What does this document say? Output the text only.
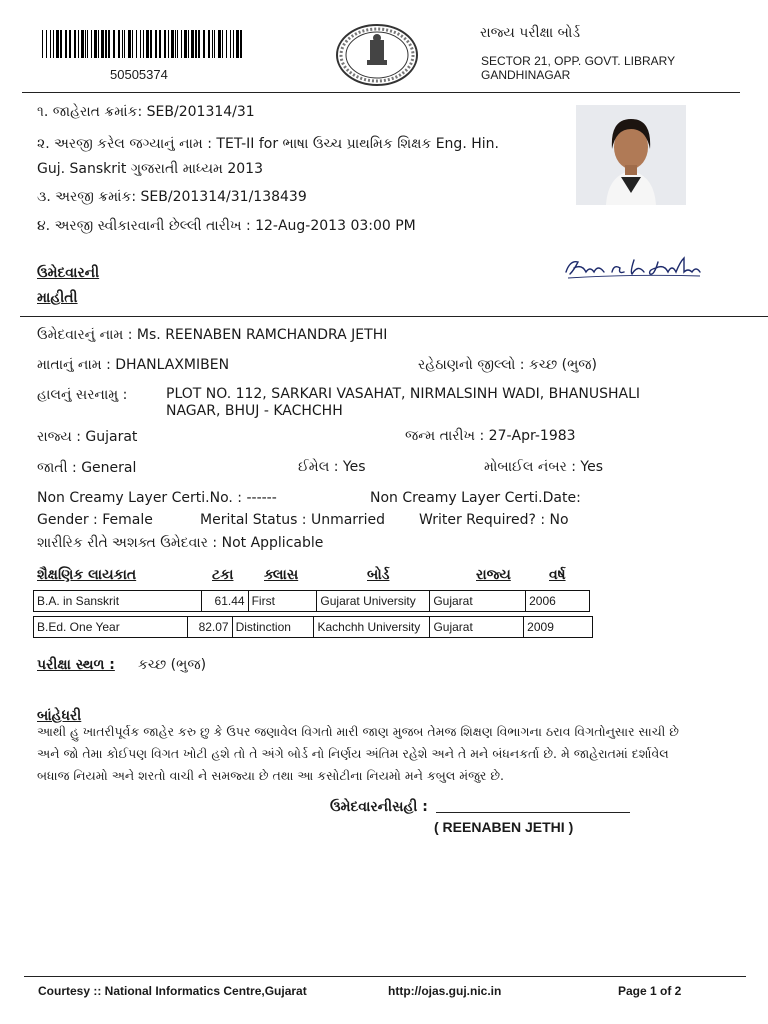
50505374
રાજ્ય પરીક્ષા બોર્ડ
SECTOR 21, OPP. GOVT. LIBRARY
GANDHINAGAR
૧. જાહેરાત ક્રમાંક: SEB/201314/31
૨. અરજી કરેલ જગ્યાનું નામ : TET-II for ભાષા ઉચ્ચ પ્રાથમિક શિક્ષક Eng. Hin.
Guj. Sanskrit ગુજરાતી માધ્યમ 2013
૩. અરજી ક્રમાંક: SEB/201314/31/138439
૪. અરજી સ્વીકારવાની છેલ્લી તારીખ : 12-Aug-2013 03:00 PM
ઉમેદવારની
માહીતી
ઉમેદવારનું નામ : Ms. REENABEN RAMCHANDRA JETHI
માતાનું નામ : DHANLAXMIBEN	રહેઠાણનો જીલ્લો : કચ્છ (ભુજ)
હાલનું સરનામુ :	PLOT NO. 112, SARKARI VASAHAT, NIRMALSINH WADI, BHANUSHALI
NAGAR, BHUJ - KACHCHH
રાજ્ય : Gujarat	જન્મ તારીખ : 27-Apr-1983
જાતી : General	ઈમેલ : Yes	મોબાઈલ નંબર : Yes
Non Creamy Layer Certi.No. : ------	Non Creamy Layer Certi.Date:
Gender : Female	Merital Status : Unmarried Writer Required? : No
શારીરિક રીતે અશક્ત ઉમેદવાર : Not Applicable
શૈક્ષણિક લાયકાત	ટકા ક્લાસ	બોર્ડ	રાજ્ય	વર્ષ
B.A. in Sanskrit	61.44	First	Gujarat University	Gujarat	2006
B.Ed. One Year	82.07	Distinction	Kachchh University	Gujarat	2009
પરીક્ષા સ્થળ : કચ્છ (ભુજ)
બાંહેધરી
આથી હુ ખાતરીપૂર્વક જાહેર કરુ છુ કે ઉપર જણાવેલ વિગતો મારી જાણ મુજબ તેમજ શિક્ષણ વિભાગના ઠરાવ વિગતોનુસાર સાચી છે
અને જો તેમા કોઈપણ વિગત ખોટી હશે તો તે અંગે બોર્ડ નો નિર્ણય અંતિમ રહેશે અને તે મને બંધનકર્તા છે. મે જાહેરાતમાં દર્શાવેલ
બધાજ નિયમો અને શરતો વાચી ને સમજ્યા છે તથા આ કસોટીના નિયમો મને કબુલ મંજુર છે.
ઉમેદવારનીસહી :
( REENABEN JETHI )
Courtesy :: National Informatics Centre,Gujarat	http://ojas.guj.nic.in	Page 1 of 2
